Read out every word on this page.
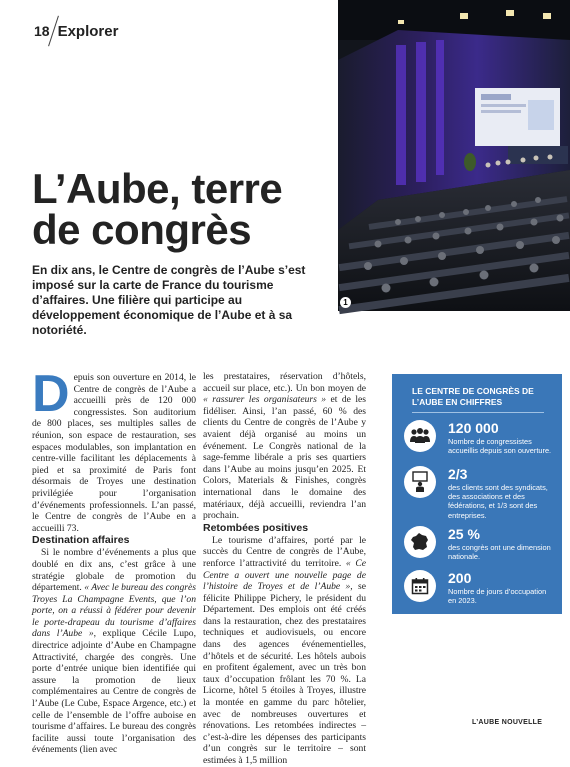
18 Explorer
1
L’Aube, terre
de congrès

En dix ans, le Centre de congrès de l’Aube s’est imposé sur la carte de France du tourisme d’affaires. Une filière qui participe au développement économique de l’Aube et à sa notoriété.

Depuis son ouverture en 2014, le Centre de congrès de l’Aube a accueilli près de 120 000 congressistes. Son auditorium de 800 places, ses multiples salles de réunion, son espace de restauration, ses espaces modulables, son implantation en centre-ville facilitant les déplacements à pied et sa proximité de Paris font désormais de Troyes une destination privilégiée pour l’organisation d’événements professionnels. L’an passé, le Centre de congrès de l’Aube en a accueilli 73.

Destination affaires

Si le nombre d’événements a plus que doublé en dix ans, c’est grâce à une stratégie globale de promotion du département. « Avec le bureau des congrès Troyes La Champagne Events, que l’on porte, on a réussi à fédérer pour devenir le porte-drapeau du tourisme d’affaires dans l’Aube », explique Cécile Lupo, directrice adjointe d’Aube en Champagne Attractivité, chargée des congrès. Une porte d’entrée unique bien identifiée qui assure la promotion de lieux complémentaires au Centre de congrès de l’Aube (Le Cube, Espace Argence, etc.) et celle de l’ensemble de l’offre auboise en tourisme d’affaires. Le bureau des congrès facilite aussi toute l’organisation des événements (lien avec

les prestataires, réservation d’hôtels, accueil sur place, etc.). Un bon moyen de « rassurer les organisateurs » et de les fidéliser. Ainsi, l’an passé, 60 % des clients du Centre de congrès de l’Aube y avaient déjà organisé au moins un événement. Le Congrès national de la sage-femme libérale a pris ses quartiers dans l’Aube au moins jusqu’en 2025. Et Colors, Materials & Finishes, congrès international dans le domaine des matériaux, déjà accueilli, reviendra l’an prochain.

Retombées positives

Le tourisme d’affaires, porté par le succès du Centre de congrès de l’Aube, renforce l’attractivité du territoire. « Ce Centre a ouvert une nouvelle page de l’histoire de Troyes et de l’Aube », se félicite Philippe Pichery, le président du Département. Des emplois ont été créés dans la restauration, chez des prestataires techniques et audiovisuels, ou encore dans des agences événementielles, d’hôtels et de sécurité. Les hôtels aubois en profitent également, avec un très bon taux d’occupation frôlant les 70 %. La Licorne, hôtel 5 étoiles à Troyes, illustre la montée en gamme du parc hôtelier, avec de nombreuses ouvertures et rénovations. Les retombées indirectes – c’est-à-dire les dépenses des participants d’un congrès sur le territoire – sont estimées à 1,5 million

LE CENTRE DE CONGRÈS DE L’AUBE EN CHIFFRES
120 000
Nombre de congressistes accueillis depuis son ouverture.
2/3
des clients sont des syndicats, des associations et des fédérations, et 1/3 sont des entreprises.
25 %
des congrès ont une dimension nationale.
200
Nombre de jours d’occupation en 2023.
L’AUBE NOUVELLE
